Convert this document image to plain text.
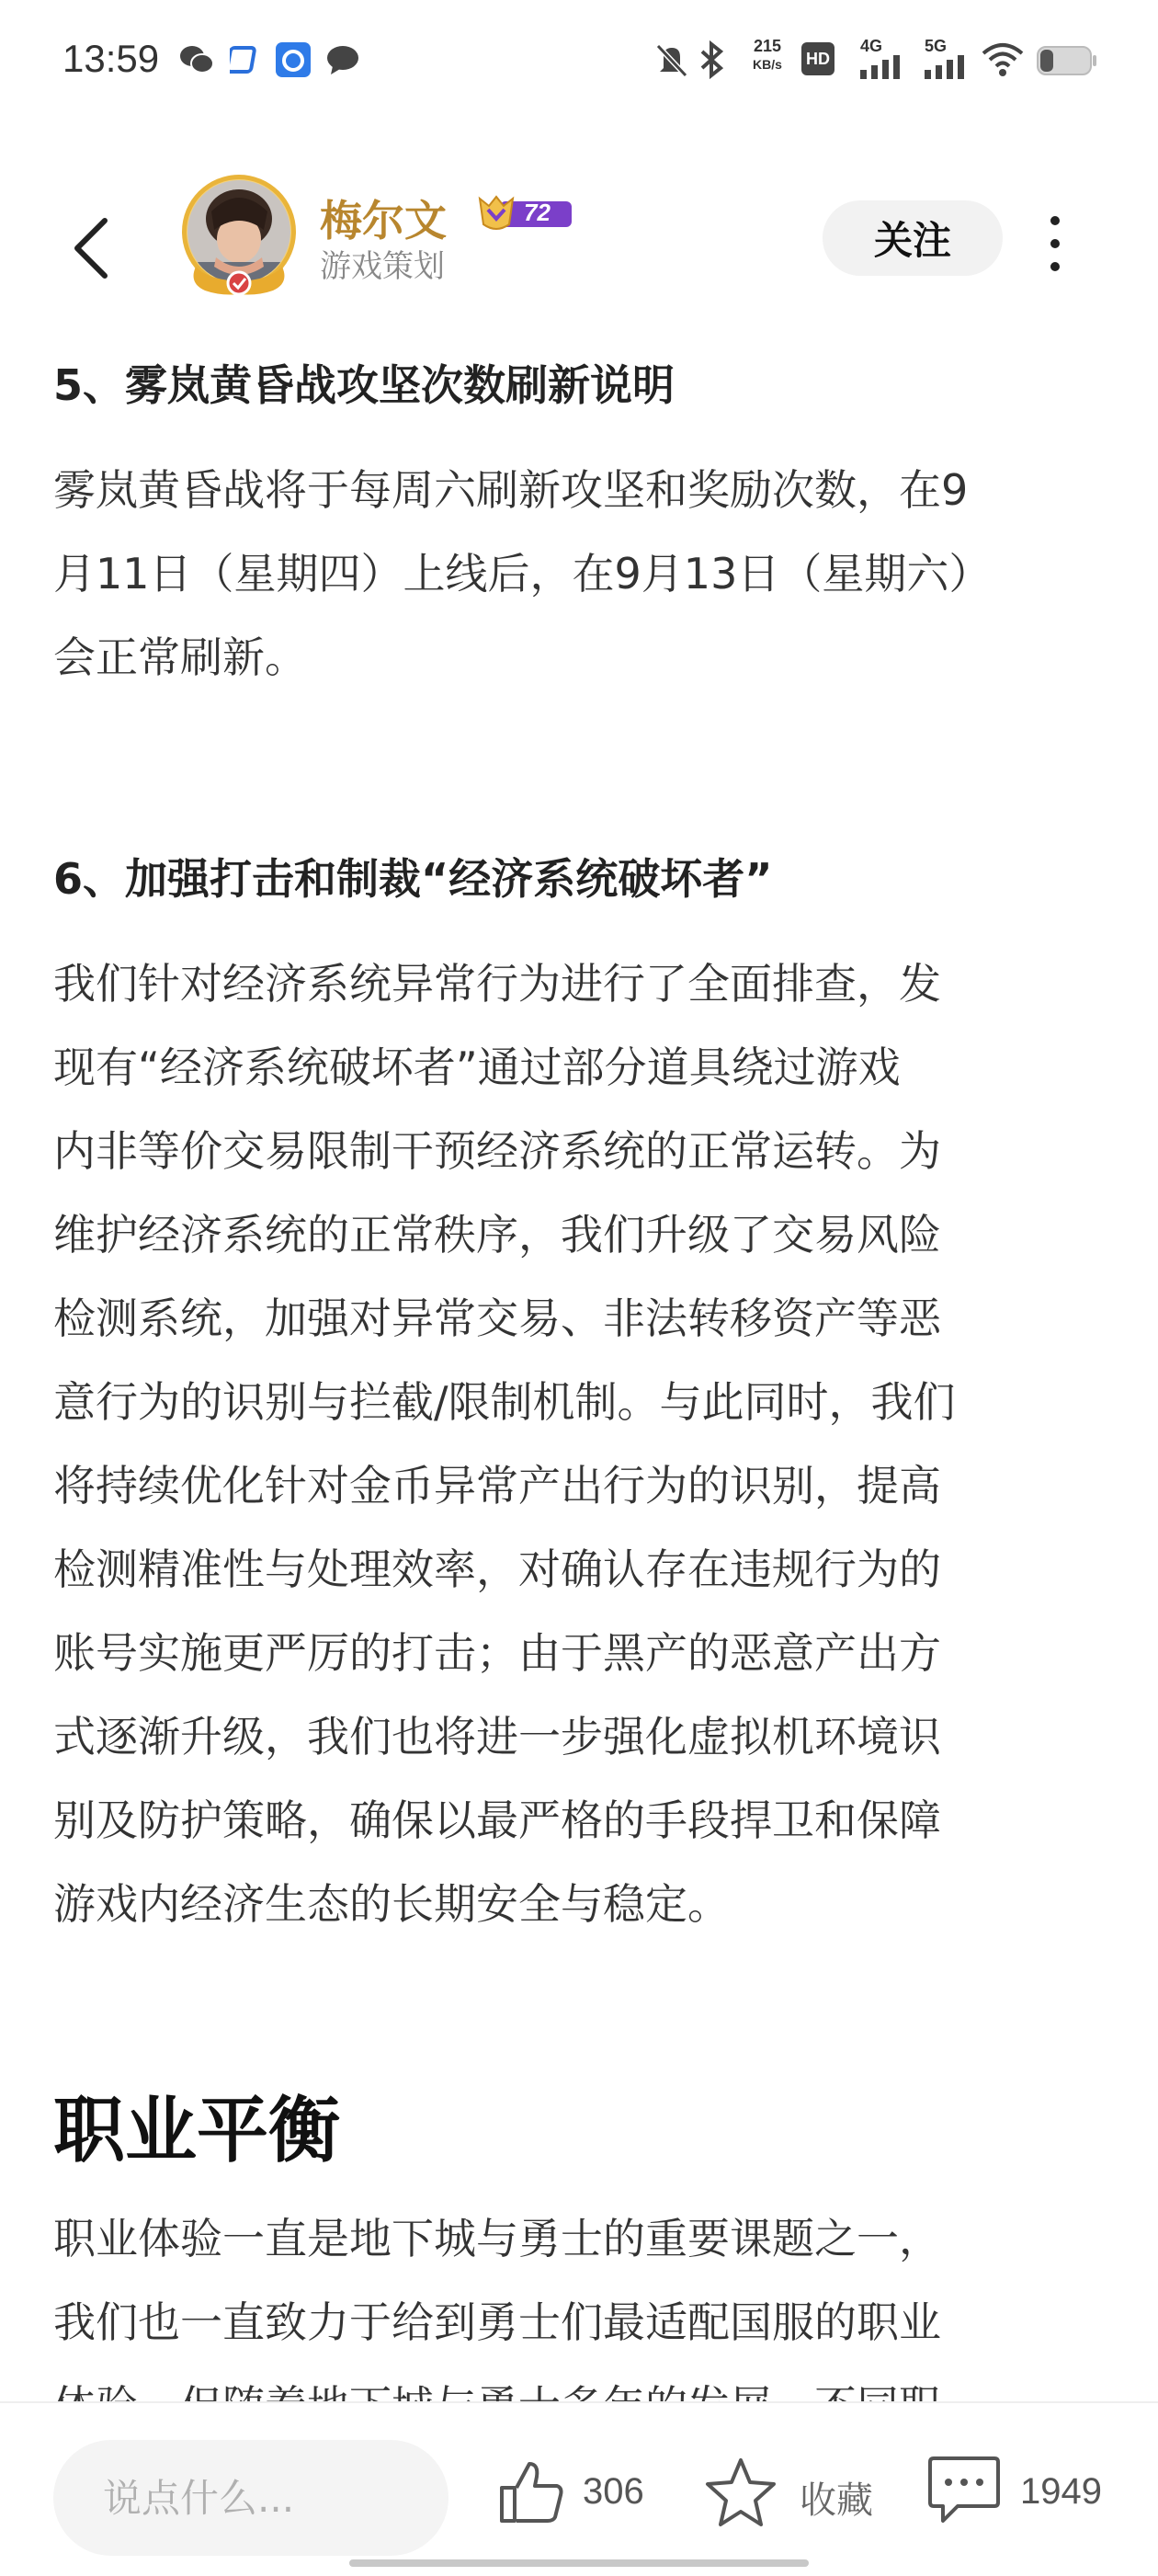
13:59	215
KB/s	HD
4G	5G
梅尔文	72
游戏策划
关注
5、雾岚黄昏战攻坚次数刷新说明
雾岚黄昏战将于每周六刷新攻坚和奖励次数，在9
月11日（星期四）上线后，在9月13日（星期六）
会正常刷新。
6、加强打击和制裁“经济系统破坏者”
我们针对经济系统异常行为进行了全面排查，发
现有“经济系统破坏者”通过部分道具绕过游戏
内非等价交易限制干预经济系统的正常运转。为
维护经济系统的正常秩序，我们升级了交易风险
检测系统，加强对异常交易、非法转移资产等恶
意行为的识别与拦截/限制机制。与此同时，我们
将持续优化针对金币异常产出行为的识别，提高
检测精准性与处理效率，对确认存在违规行为的
账号实施更严厉的打击；由于黑产的恶意产出方
式逐渐升级，我们也将进一步强化虚拟机环境识
别及防护策略，确保以最严格的手段捍卫和保障
游戏内经济生态的长期安全与稳定。
职业平衡
职业体验一直是地下城与勇士的重要课题之一，
我们也一直致力于给到勇士们最适配国服的职业
说点什么...
306	收藏	1949
